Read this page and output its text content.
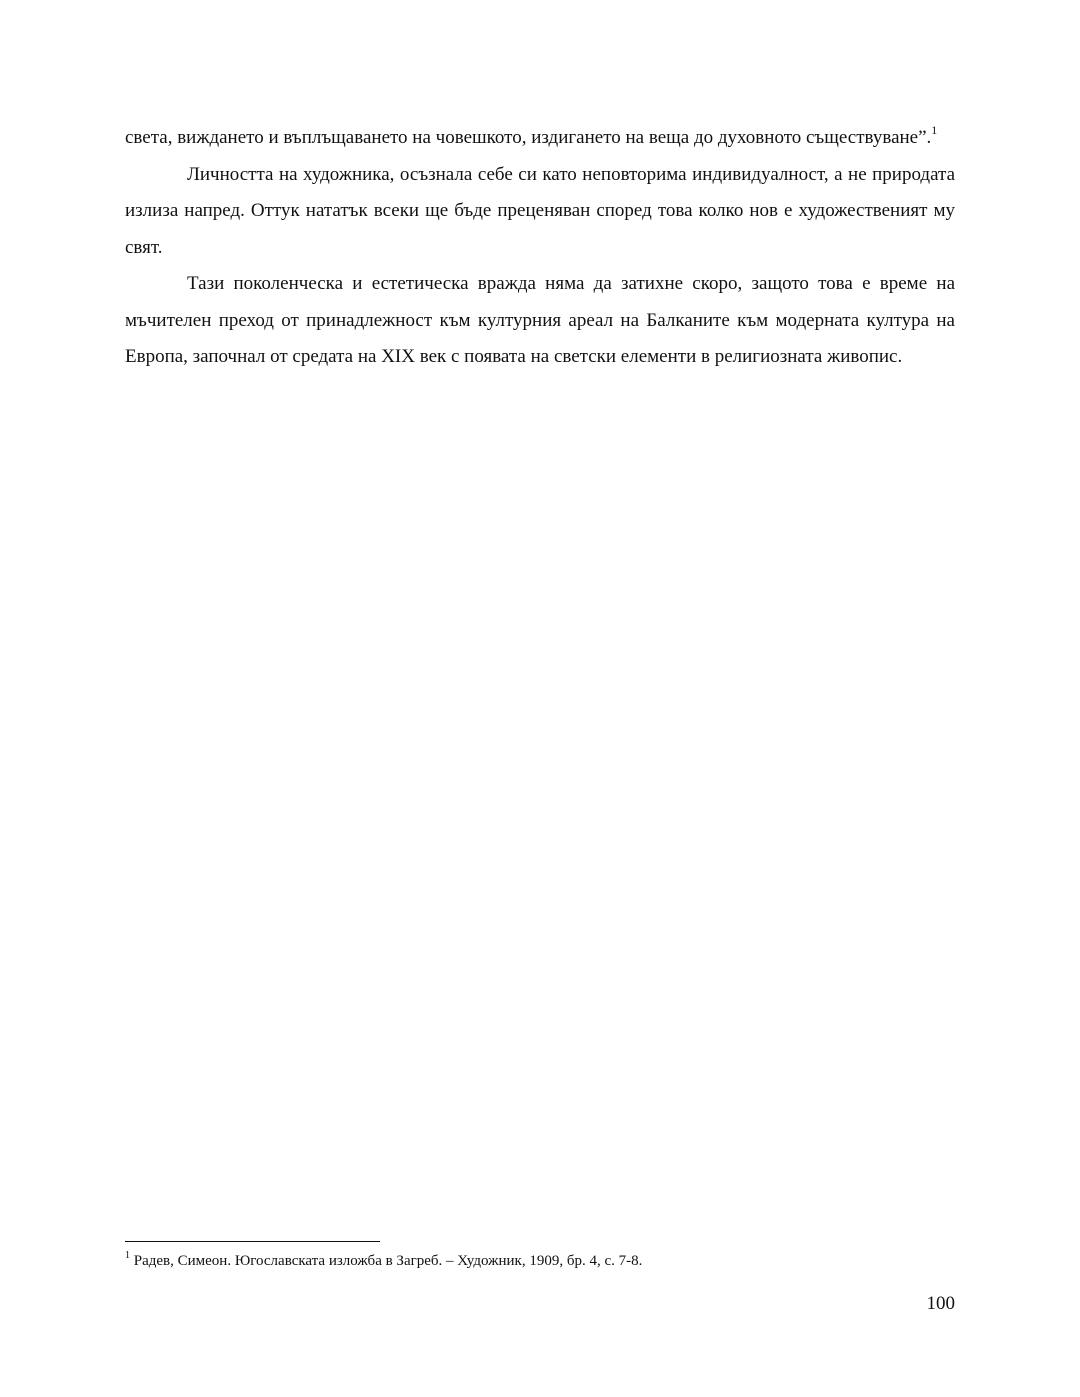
света, виждането и въплъщаването на човешкото, издигането на веща до духовното съществуване”.$^1$

Личността на художника, осъзнала себе си като неповторима индивидуалност, а не природата излиза напред. Оттук нататък всеки ще бъде преценяван според това колко нов е художественият му свят.

Тази поколенческа и естетическа вражда няма да затихне скоро, защото това е време на мъчителен преход от принадлежност към културния ареал на Балканите към модерната култура на Европа, започнал от средата на XIX век с появата на светски елементи в религиозната живопис.

$^1$ Радев, Симеон. Югославската изложба в Загреб. – Художник, 1909, бр. 4, с. 7-8.
100
